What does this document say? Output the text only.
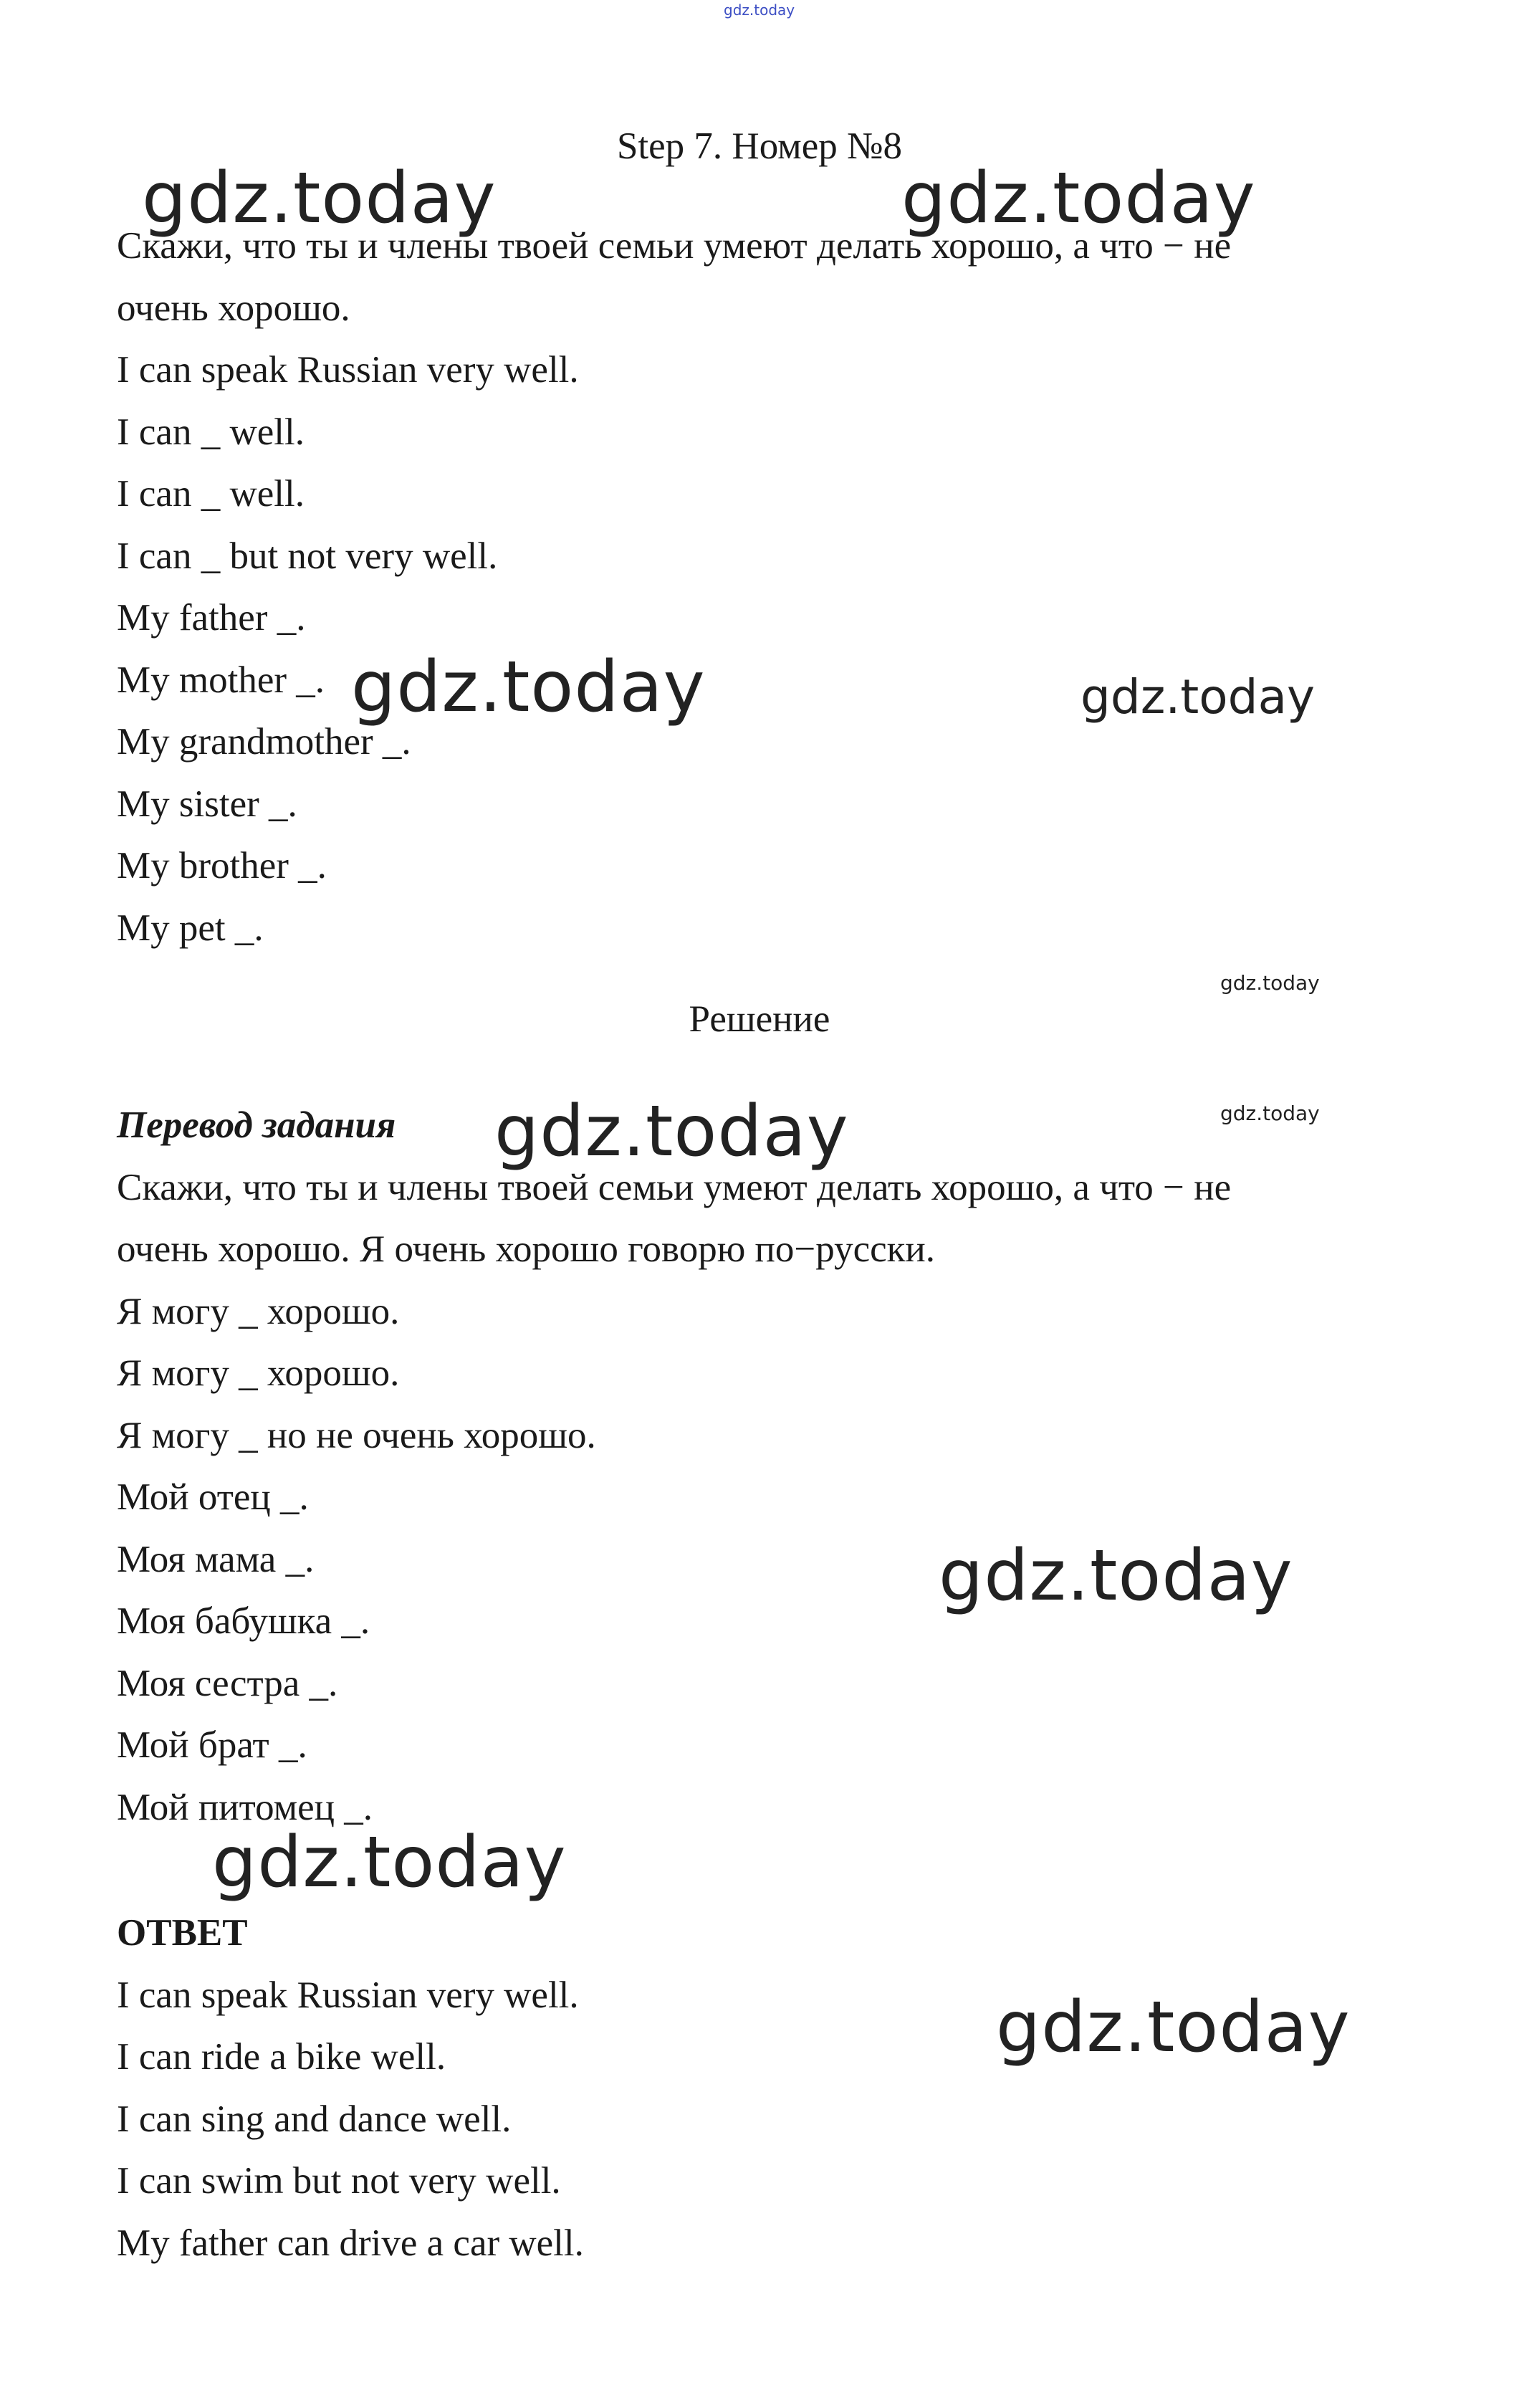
gdz.today
Step 7. Номер №8
Скажи, что ты и члены твоей семьи умеют делать хорошо, а что − не
очень хорошо.
I can speak Russian very well.
I can _ well.
I can _ well.
I can _ but not very well.
My father _.
My mother _.
My grandmother _.
My sister _.
My brother _.
My pet _.
Решение

Перевод задания

Скажи, что ты и члены твоей семьи умеют делать хорошо, а что − не

очень хорошо. Я очень хорошо говорю по−русски.

Я могу _ хорошо.

Я могу _ хорошо.

Я могу _ но не очень хорошо.

Мой отец _.

Моя мама _.

Моя бабушка _.

Моя сестра _.

Мой брат _.

Мой питомец _.

ОТВЕТ

I can speak Russian very well.

I can ride a bike well.

I can sing and dance well.

I can swim but not very well.

My father can drive a car well.

gdz.today	gdz.today
gdz.today	gdz.today
gdz.today
gdz.today
gdz.today
gdz.today
gdz.today
gdz.today
